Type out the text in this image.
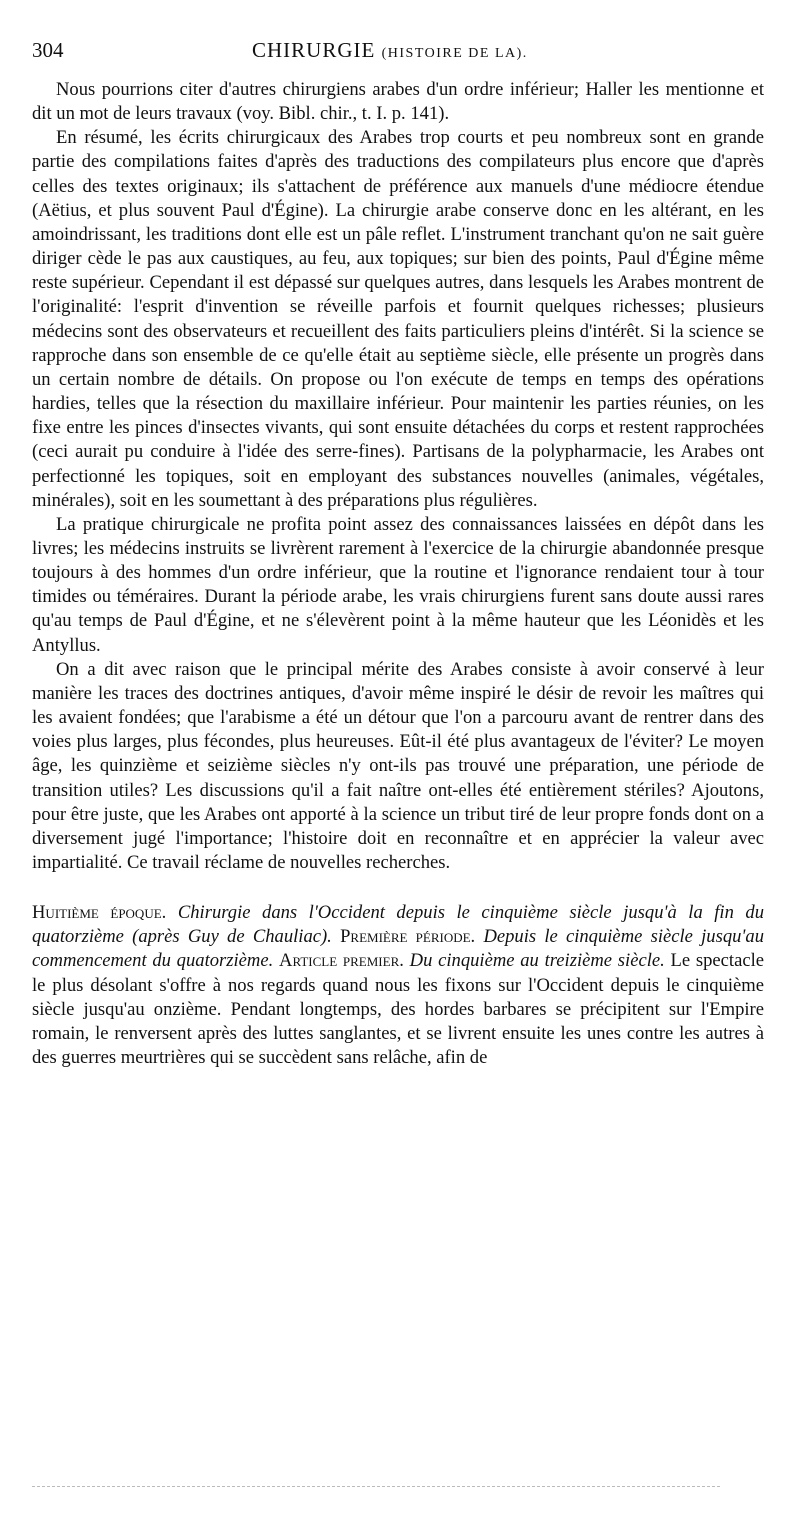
304	CHIRURGIE (HISTOIRE DE LA).

Nous pourrions citer d'autres chirurgiens arabes d'un ordre inférieur; Haller les mentionne et dit un mot de leurs travaux (voy. Bibl. chir., t. I. p. 141).

En résumé, les écrits chirurgicaux des Arabes trop courts et peu nombreux sont en grande partie des compilations faites d'après des traductions des compilateurs plus encore que d'après celles des textes originaux; ils s'attachent de préférence aux manuels d'une médiocre étendue (Aëtius, et plus souvent Paul d'Égine). La chirurgie arabe conserve donc en les altérant, en les amoindrissant, les traditions dont elle est un pâle reflet. L'instrument tranchant qu'on ne sait guère diriger cède le pas aux caustiques, au feu, aux topiques; sur bien des points, Paul d'Égine même reste supérieur. Cependant il est dépassé sur quelques autres, dans lesquels les Arabes montrent de l'originalité: l'esprit d'invention se réveille parfois et fournit quelques richesses; plusieurs médecins sont des observateurs et recueillent des faits particuliers pleins d'intérêt. Si la science se rapproche dans son ensemble de ce qu'elle était au septième siècle, elle présente un progrès dans un certain nombre de détails. On propose ou l'on exécute de temps en temps des opérations hardies, telles que la résection du maxillaire inférieur. Pour maintenir les parties réunies, on les fixe entre les pinces d'insectes vivants, qui sont ensuite détachées du corps et restent rapprochées (ceci aurait pu conduire à l'idée des serre-fines). Partisans de la polypharmacie, les Arabes ont perfectionné les topiques, soit en employant des substances nouvelles (animales, végétales, minérales), soit en les soumettant à des préparations plus régulières.

La pratique chirurgicale ne profita point assez des connaissances laissées en dépôt dans les livres; les médecins instruits se livrèrent rarement à l'exercice de la chirurgie abandonnée presque toujours à des hommes d'un ordre inférieur, que la routine et l'ignorance rendaient tour à tour timides ou téméraires. Durant la période arabe, les vrais chirurgiens furent sans doute aussi rares qu'au temps de Paul d'Égine, et ne s'élevèrent point à la même hauteur que les Léonidès et les Antyllus.

On a dit avec raison que le principal mérite des Arabes consiste à avoir conservé à leur manière les traces des doctrines antiques, d'avoir même inspiré le désir de revoir les maîtres qui les avaient fondées; que l'arabisme a été un détour que l'on a parcouru avant de rentrer dans des voies plus larges, plus fécondes, plus heureuses. Eût-il été plus avantageux de l'éviter? Le moyen âge, les quinzième et seizième siècles n'y ont-ils pas trouvé une préparation, une période de transition utiles? Les discussions qu'il a fait naître ont-elles été entièrement stériles? Ajoutons, pour être juste, que les Arabes ont apporté à la science un tribut tiré de leur propre fonds dont on a diversement jugé l'importance; l'histoire doit en reconnaître et en apprécier la valeur avec impartialité. Ce travail réclame de nouvelles recherches.

Huitième époque. Chirurgie dans l'Occident depuis le cinquième siècle jusqu'à la fin du quatorzième (après Guy de Chauliac). Première période. Depuis le cinquième siècle jusqu'au commencement du quatorzième. Article premier. Du cinquième au treizième siècle. Le spectacle le plus désolant s'offre à nos regards quand nous les fixons sur l'Occident depuis le cinquième siècle jusqu'au onzième. Pendant longtemps, des hordes barbares se précipitent sur l'Empire romain, le renversent après des luttes sanglantes, et se livrent ensuite les unes contre les autres à des guerres meurtrières qui se succèdent sans relâche, afin de
